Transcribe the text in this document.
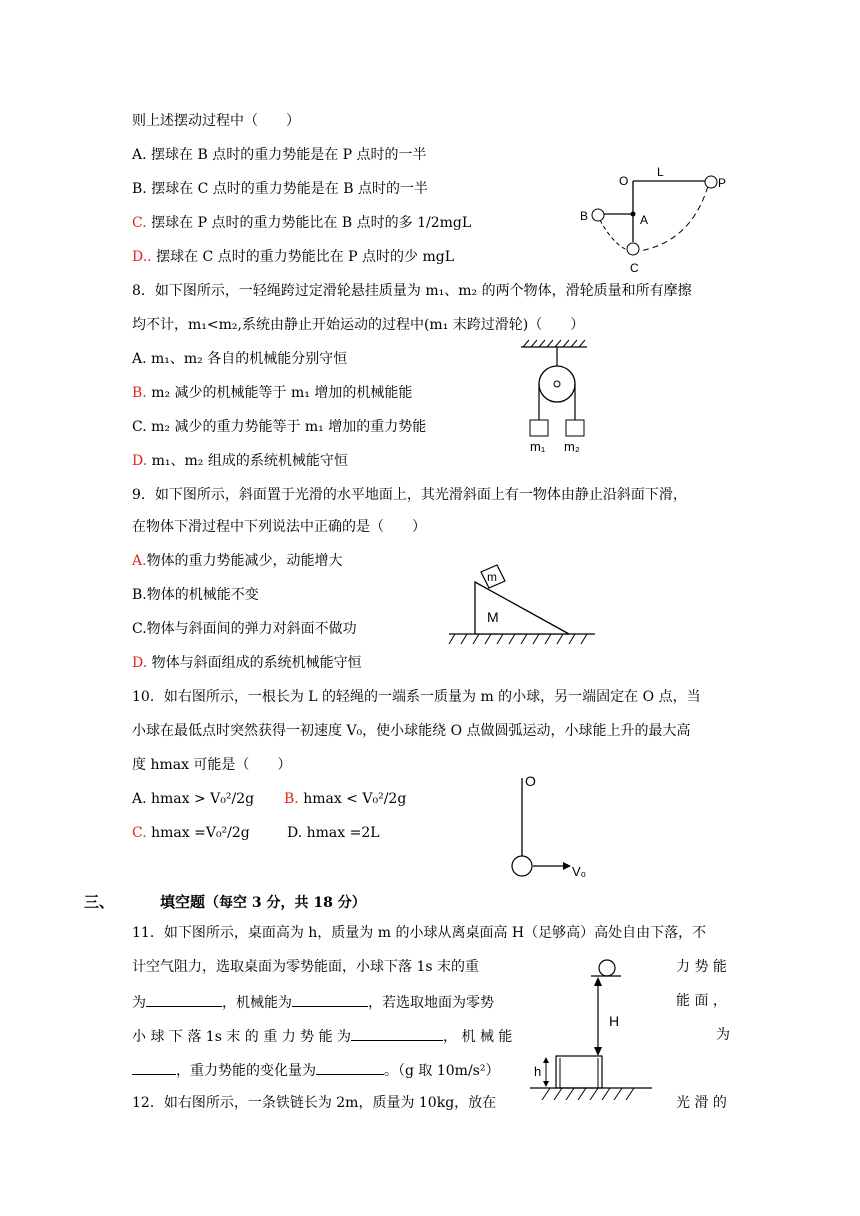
则上述摆动过程中（　　）
A. 摆球在 B 点时的重力势能是在 P 点时的一半
B. 摆球在 C 点时的重力势能是在 B 点时的一半
C. 摆球在 P 点时的重力势能比在 B 点时的多 1/2mgL
D.. 摆球在 C 点时的重力势能比在 P 点时的少 mgL
O
L
P
B	A
C
8．如下图所示，一轻绳跨过定滑轮悬挂质量为 m₁、m₂ 的两个物体，滑轮质量和所有摩擦
均不计，m₁<m₂,系统由静止开始运动的过程中(m₁ 末跨过滑轮)（　　）
A. m₁、m₂ 各自的机械能分别守恒
B. m₂ 减少的机械能等于 m₁ 增加的机械能能
C. m₂ 减少的重力势能等于 m₁ 增加的重力势能
D. m₁、m₂ 组成的系统机械能守恒
m₁ m₂
9．如下图所示，斜面置于光滑的水平地面上，其光滑斜面上有一物体由静止沿斜面下滑，
在物体下滑过程中下列说法中正确的是（　　）
A.物体的重力势能减少，动能增大
B.物体的机械能不变
C.物体与斜面间的弹力对斜面不做功
D. 物体与斜面组成的系统机械能守恒
m
M
10．如右图所示，一根长为 L 的轻绳的一端系一质量为 m 的小球，另一端固定在 O 点，当
小球在最低点时突然获得一初速度 V₀，使小球能绕 O 点做圆弧运动，小球能上升的最大高
度 hmax 可能是（　　）
A. hmax > V₀²/2g B. hmax < V₀²/2g
C. hmax =V₀²/2g	D. hmax =2L
O
V₀
三、	填空题（每空 3 分，共 18 分）
11．如下图所示，桌面高为 h，质量为 m 的小球从离桌面高 H（足够高）高处自由下落，不
计空气阻力，选取桌面为零势能面，小球下落 1s 末的重	力 势 能
为	，机械能为	，若选取地面为零势	能 面 ，
小 球 下 落 1s 末 的 重 力 势 能 为	， 机 械 能	为
，重力势能的变化量为	。（g 取 10m/s²）
H
h
12．如右图所示，一条铁链长为 2m，质量为 10kg，放在	光 滑 的
